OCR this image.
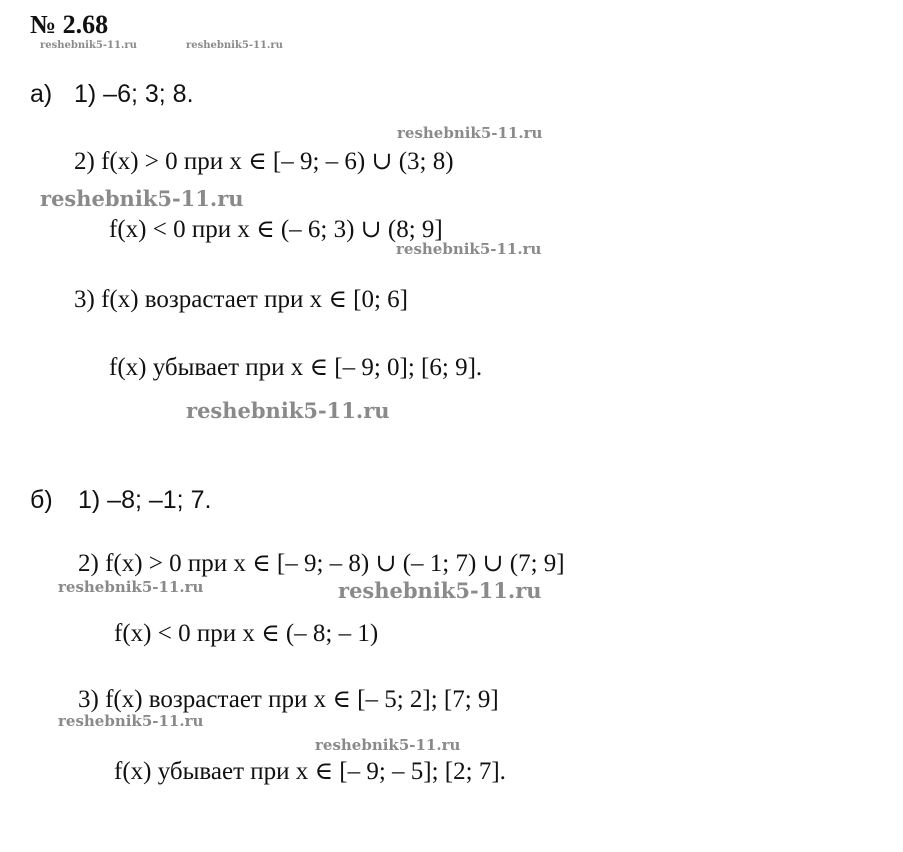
№ 2.68
reshebnik5-11.ru	reshebnik5-11.ru
а) 1) –6; 3; 8.
reshebnik5-11.ru
2) f(x) > 0 при x ∈ [– 9; – 6) ∪ (3; 8)
reshebnik5-11.ru
f(x) < 0 при x ∈ (– 6; 3) ∪ (8; 9]
reshebnik5-11.ru
3) f(x) возрастает при x ∈ [0; 6]
f(x) убывает при x ∈ [– 9; 0]; [6; 9].
reshebnik5-11.ru
б) 1) –8; –1; 7.
2) f(x) > 0 при x ∈ [– 9; – 8) ∪ (– 1; 7) ∪ (7; 9]
reshebnik5-11.ru	reshebnik5-11.ru
f(x) < 0 при x ∈ (– 8; – 1)
3) f(x) возрастает при x ∈ [– 5; 2]; [7; 9]
reshebnik5-11.ru
reshebnik5-11.ru
f(x) убывает при x ∈ [– 9; – 5]; [2; 7].
